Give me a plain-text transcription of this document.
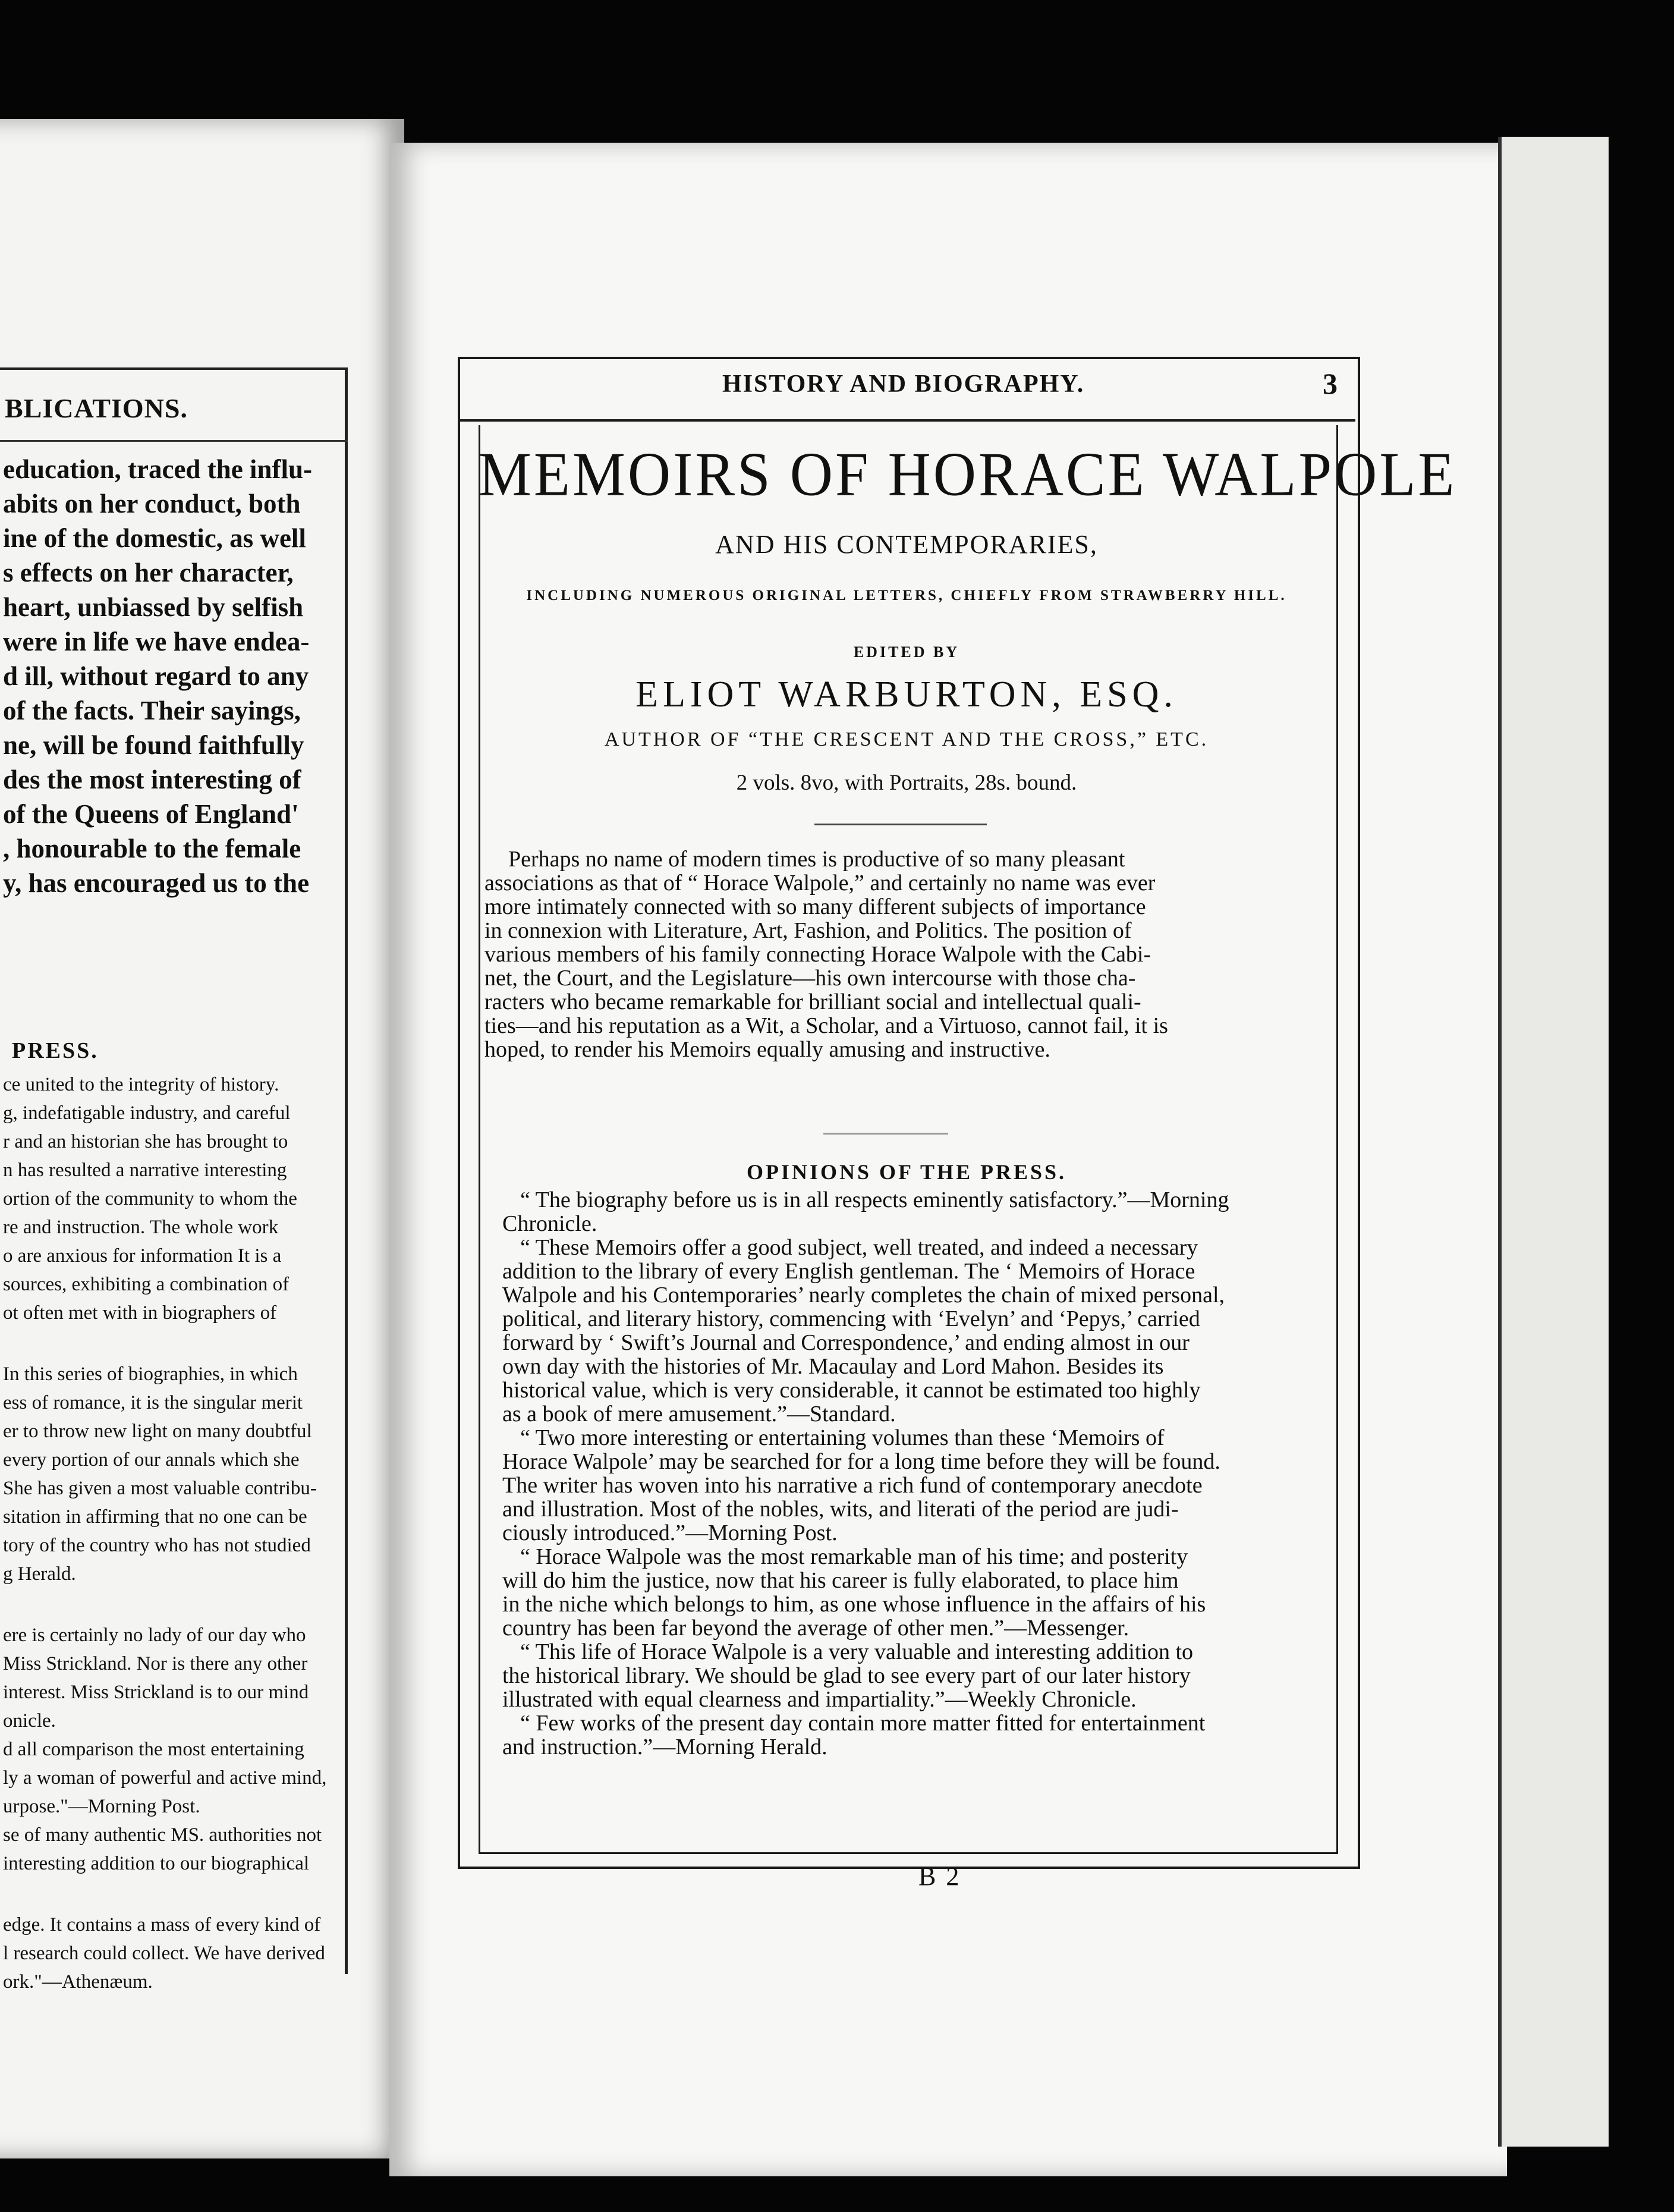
BLICATIONS.
education, traced the influ-
abits on her conduct, both
ine of the domestic, as well
s effects on her character,
heart, unbiassed by selfish
were in life we have endea-
d ill, without regard to any
of the facts. Their sayings,
ne, will be found faithfully
des the most interesting of
of the Queens of England'
, honourable to the female
y, has encouraged us to the
PRESS.
ce united to the integrity of history.
g, indefatigable industry, and careful
r and an historian she has brought to
n has resulted a narrative interesting
ortion of the community to whom the
re and instruction. The whole work
o are anxious for information It is a
sources, exhibiting a combination of
ot often met with in biographers of
In this series of biographies, in which
ess of romance, it is the singular merit
er to throw new light on many doubtful
every portion of our annals which she
She has given a most valuable contribu-
sitation in affirming that no one can be
tory of the country who has not studied
g Herald.
ere is certainly no lady of our day who
Miss Strickland. Nor is there any other
interest. Miss Strickland is to our mind
onicle.
d all comparison the most entertaining
ly a woman of powerful and active mind,
urpose."—Morning Post.
se of many authentic MS. authorities not
interesting addition to our biographical
edge. It contains a mass of every kind of
l research could collect. We have derived
ork."—Athenæum.
HISTORY AND BIOGRAPHY.	3
MEMOIRS OF HORACE WALPOLE
AND HIS CONTEMPORARIES,
INCLUDING NUMEROUS ORIGINAL LETTERS, CHIEFLY FROM STRAWBERRY HILL.
EDITED BY
ELIOT WARBURTON, ESQ.
AUTHOR OF “THE CRESCENT AND THE CROSS,” ETC.
2 vols. 8vo, with Portraits, 28s. bound.
Perhaps no name of modern times is productive of so many pleasant
associations as that of “ Horace Walpole,” and certainly no name was ever
more intimately connected with so many different subjects of importance
in connexion with Literature, Art, Fashion, and Politics. The position of
various members of his family connecting Horace Walpole with the Cabi-
net, the Court, and the Legislature—his own intercourse with those cha-
racters who became remarkable for brilliant social and intellectual quali-
ties—and his reputation as a Wit, a Scholar, and a Virtuoso, cannot fail, it is
hoped, to render his Memoirs equally amusing and instructive.
OPINIONS OF THE PRESS.
“ The biography before us is in all respects eminently satisfactory.”—Morning
Chronicle.
“ These Memoirs offer a good subject, well treated, and indeed a necessary
addition to the library of every English gentleman. The ‘ Memoirs of Horace
Walpole and his Contemporaries’ nearly completes the chain of mixed personal,
political, and literary history, commencing with ‘Evelyn’ and ‘Pepys,’ carried
forward by ‘ Swift’s Journal and Correspondence,’ and ending almost in our
own day with the histories of Mr. Macaulay and Lord Mahon. Besides its
historical value, which is very considerable, it cannot be estimated too highly
as a book of mere amusement.”—Standard.
“ Two more interesting or entertaining volumes than these ‘Memoirs of
Horace Walpole’ may be searched for for a long time before they will be found.
The writer has woven into his narrative a rich fund of contemporary anecdote
and illustration. Most of the nobles, wits, and literati of the period are judi-
ciously introduced.”—Morning Post.
“ Horace Walpole was the most remarkable man of his time; and posterity
will do him the justice, now that his career is fully elaborated, to place him
in the niche which belongs to him, as one whose influence in the affairs of his
country has been far beyond the average of other men.”—Messenger.
“ This life of Horace Walpole is a very valuable and interesting addition to
the historical library. We should be glad to see every part of our later history
illustrated with equal clearness and impartiality.”—Weekly Chronicle.
“ Few works of the present day contain more matter fitted for entertainment
and instruction.”—Morning Herald.
B 2
